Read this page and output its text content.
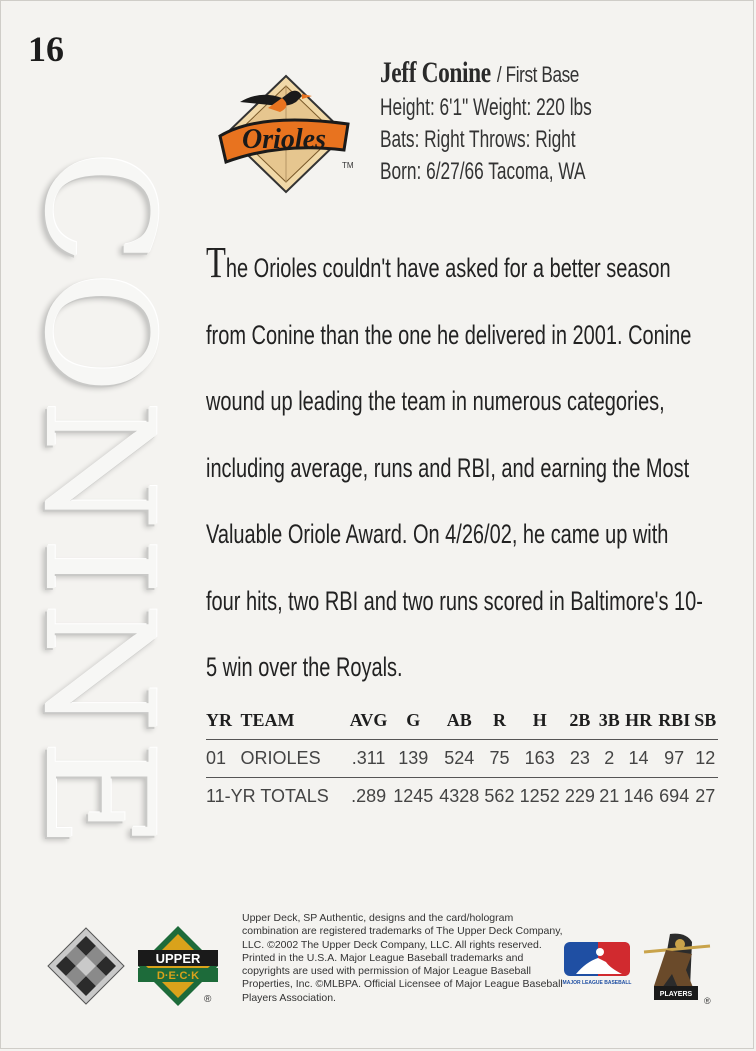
16
CONINE
Orioles
TM
Jeff Conine / First Base
Height: 6'1" Weight: 220 lbs
Bats: Right Throws: Right
Born: 6/27/66 Tacoma, WA

The Orioles couldn't have asked for a better season from Conine than the one he delivered in 2001. Conine wound up leading the team in numerous categories, including average, runs and RBI, and earning the Most Valuable Oriole Award. On 4/26/02, he came up with four hits, two RBI and two runs scored in Baltimore's 10-5 win over the Royals.

YR	TEAM	AVG	G	AB	R	H	2B	3B	HR	RBI	SB
01	ORIOLES	.311	139	524	75	163	23	2	14	97	12
11-YR TOTALS		.289	1245	4328	562	1252	229	21	146	694	27
UPPER
D·E·C·K
®
Upper Deck, SP Authentic, designs and the card/hologram combination are registered trademarks of The Upper Deck Company, LLC. ©2002 The Upper Deck Company, LLC. All rights reserved. Printed in the U.S.A. Major League Baseball trademarks and copyrights are used with permission of Major League Baseball Properties, Inc. ©MLBPA. Official Licensee of Major League Baseball Players Association.
MAJOR LEAGUE BASEBALL
PLAYERS
®
